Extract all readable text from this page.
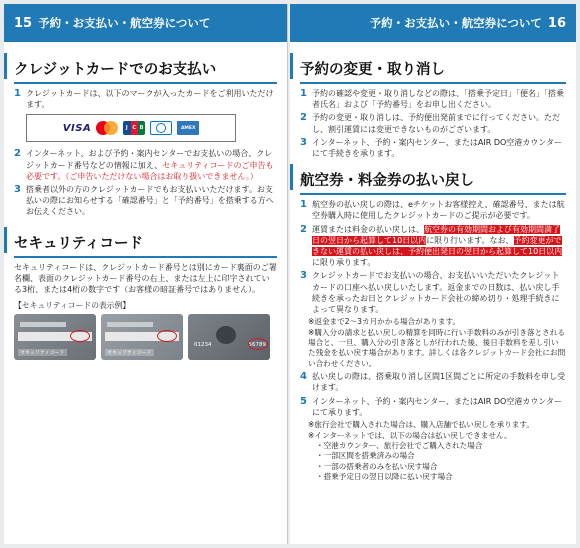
15 予約・お支払い・航空券について
クレジットカードでのお支払い
1 クレジットカードは、以下のマークが入ったカードをご利用いただけます。
VISA	J C B	AMEX
2 インターネット、および予約・案内センターでお支払いの場合、クレジットカード番号などの情報に加え、セキュリティコードのご申告も必要です。（ご申告いただけない場合はお取り扱いできません。）
3 搭乗者以外の方のクレジットカードでもお支払いいただけます。お支払いの際にお知らせする「確認番号」と「予約番号」を搭乗する方へお伝えください。
セキュリティコード
セキュリティコードは、クレジットカード番号とは別にカード裏面のご署名欄、表面のクレジットカード番号の右上、または左上に印字されている3桁、または4桁の数字です（お客様の暗証番号ではありません）。
【セキュリティコードの表示例】
セキュリティコード	セキュリティコード
01234	56789
予約・お支払い・航空券について 16
予約の変更・取り消し
1 予約の確認や変更・取り消しなどの際は、「搭乗予定日」「便名」「搭乗者氏名」および「予約番号」をお申し出ください。
2 予約の変更・取り消しは、予約便出発前までに行ってください。ただし、割引運賃には変更できないものがございます。
3 インターネット、予約・案内センター、またはAIR DO空港カウンターにて手続きを承ります。
航空券・料金券の払い戻し
1 航空券の払い戻しの際は、eチケットお客様控え、確認番号、または航空券購入時に使用したクレジットカードのご提示が必要です。
2 運賃または料金の払い戻しは、航空券の有効期間および有効期間満了日の翌日から起算して10日以内に限り行います。なお、予約変更ができない運賃の払い戻しは、予約便出発日の翌日から起算して10日以内に限り承ります。
3 クレジットカードでお支払いの場合、お支払いいただいたクレジットカードの口座へ払い戻しいたします。返金までの日数は、払い戻し手続きを承ったお日とクレジットカード会社の締め切り・処理手続きによって異なります。
※返金まで2〜3カ月かかる場合があります。
※購入分の請求と払い戻しの精算を同時に行い手数料のみが引き落とされる場合と、一旦、購入分の引き落としが行われた後、後日手数料を差し引いた残金を払い戻す場合があります。詳しくは各クレジットカード会社にお問い合わせください。
4 払い戻しの際は、搭乗取り消し区間1区間ごとに所定の手数料を申し受けます。
5 インターネット、予約・案内センター、またはAIR DO空港カウンターにて承ります。
※旅行会社で購入された場合は、購入店舗で払い戻しを承ります。
※インターネットでは、以下の場合は払い戻しできません。
・空港カウンター、旅行会社でご購入された場合
・一部区間を搭乗済みの場合
・一部の搭乗者のみを払い戻す場合
・搭乗予定日の翌日以降に払い戻す場合
